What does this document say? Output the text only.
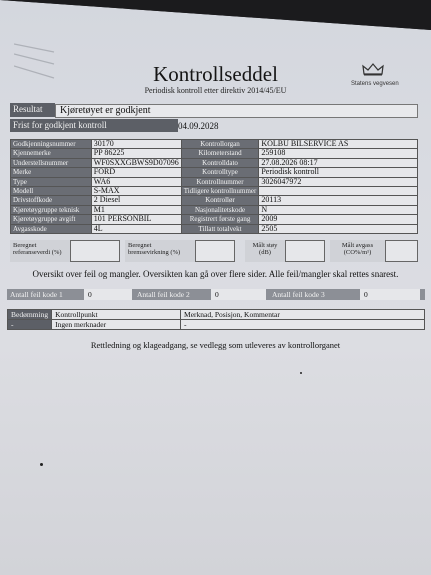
Kontrollseddel
Periodisk kontroll etter direktiv 2014/45/EU
Statens vegvesen
Resultat	Kjøretøyet er godkjent
Frist for godkjent kontroll	04.09.2028
Godkjenningsnummer	30170	Kontrollorgan	KOLBU BILSERVICE AS
Kjennemerke	PP 86225	Kilometerstand	259108
Understellsnummer	WF0SXXGBWS9D07096	Kontrolldato	27.08.2026 08:17
Merke	FORD	Kontrolltype	Periodisk kontroll
Type	WA6	Kontrollnummer	3026047972
Modell	S-MAX	Tidligere kontrollnummer	
Drivstoffkode	2 Diesel	Kontrollør	20113
Kjøretøygruppe teknisk	M1	Nasjonalitetskode	N
Kjøretøygruppe avgift	101 PERSONBIL	Registrert første gang	2009
Avgasskode	4L	Tillatt totalvekt	2505
Beregnet referanseverdi (%)
Beregnet bremsevirkning (%)
Målt støy (dB)
Målt avgass (CO%/m¹)
Oversikt over feil og mangler. Oversikten kan gå over flere sider. Alle feil/mangler skal rettes snarest.
Antall feil kode 1	0	Antall feil kode 2	0	Antall feil kode 3	0
Bedømming	Kontrollpunkt	Merknad, Posisjon, Kommentar
-	Ingen merknader	-
Rettledning og klageadgang, se vedlegg som utleveres av kontrollorganet
